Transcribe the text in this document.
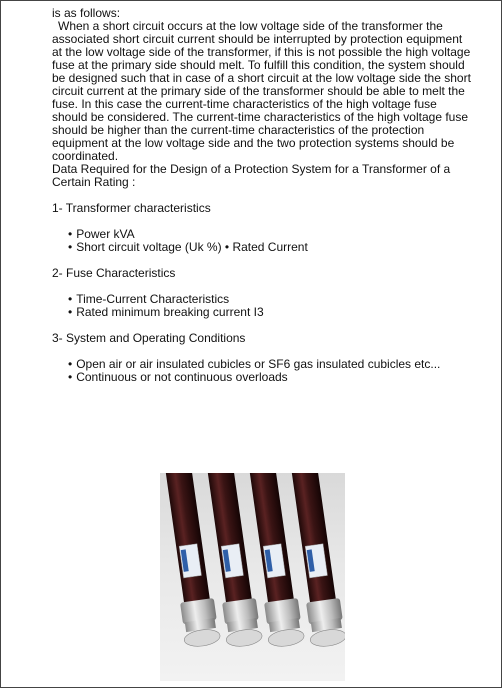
is as follows:

When a short circuit occurs at the low voltage side of the transformer the associated short circuit current should be interrupted by protection equipment at the low voltage side of the transformer, if this is not possible the high voltage fuse at the primary side should melt. To fulfill this condition, the system should be designed such that in case of a short circuit at the low voltage side the short circuit current at the primary side of the transformer should be able to melt the fuse. In this case the current-time characteristics of the high voltage fuse should be considered. The current-time characteristics of the high voltage fuse should be higher than the current-time characteristics of the protection equipment at the low voltage side and the two protection systems should be coordinated.

Data Required for the Design of a Protection System for a Transformer of a Certain Rating :

1- Transformer characteristics

• Power kVA
• Short circuit voltage (Uk %) • Rated Current

2- Fuse Characteristics

• Time-Current Characteristics
• Rated minimum breaking current I3

3- System and Operating Conditions

• Open air or air insulated cubicles or SF6 gas insulated cubicles etc...
• Continuous or not continuous overloads
